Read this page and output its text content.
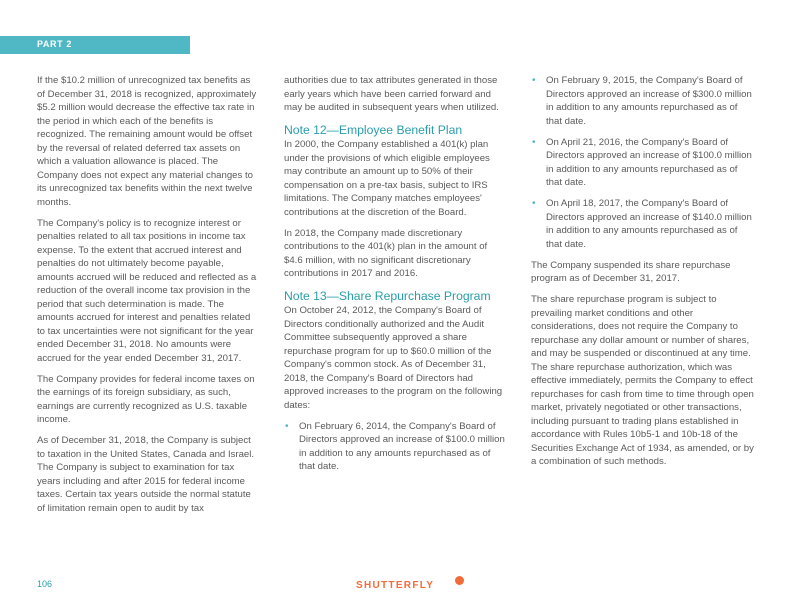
PART 2

If the $10.2 million of unrecognized tax benefits as of December 31, 2018 is recognized, approximately $5.2 million would decrease the effective tax rate in the period in which each of the benefits is recognized. The remaining amount would be offset by the reversal of related deferred tax assets on which a valuation allowance is placed. The Company does not expect any material changes to its unrecognized tax benefits within the next twelve months.

The Company's policy is to recognize interest or penalties related to all tax positions in income tax expense. To the extent that accrued interest and penalties do not ultimately become payable, amounts accrued will be reduced and reflected as a reduction of the overall income tax provision in the period that such determination is made. The amounts accrued for interest and penalties related to tax uncertainties were not significant for the year ended December 31, 2018. No amounts were accrued for the year ended December 31, 2017.

The Company provides for federal income taxes on the earnings of its foreign subsidiary, as such, earnings are currently recognized as U.S. taxable income.

As of December 31, 2018, the Company is subject to taxation in the United States, Canada and Israel. The Company is subject to examination for tax years including and after 2015 for federal income taxes. Certain tax years outside the normal statute of limitation remain open to audit by tax

authorities due to tax attributes generated in those early years which have been carried forward and may be audited in subsequent years when utilized.

Note 12—Employee Benefit Plan

In 2000, the Company established a 401(k) plan under the provisions of which eligible employees may contribute an amount up to 50% of their compensation on a pre-tax basis, subject to IRS limitations. The Company matches employees' contributions at the discretion of the Board.

In 2018, the Company made discretionary contributions to the 401(k) plan in the amount of $4.6 million, with no significant discretionary contributions in 2017 and 2016.

Note 13—Share Repurchase Program

On October 24, 2012, the Company's Board of Directors conditionally authorized and the Audit Committee subsequently approved a share repurchase program for up to $60.0 million of the Company's common stock. As of December 31, 2018, the Company's Board of Directors had approved increases to the program on the following dates:

• On February 6, 2014, the Company's Board of Directors approved an increase of $100.0 million in addition to any amounts repurchased as of that date.
• On February 9, 2015, the Company's Board of Directors approved an increase of $300.0 million in addition to any amounts repurchased as of that date.
• On April 21, 2016, the Company's Board of Directors approved an increase of $100.0 million in addition to any amounts repurchased as of that date.
• On April 18, 2017, the Company's Board of Directors approved an increase of $140.0 million in addition to any amounts repurchased as of that date.

The Company suspended its share repurchase program as of December 31, 2017.

The share repurchase program is subject to prevailing market conditions and other considerations, does not require the Company to repurchase any dollar amount or number of shares, and may be suspended or discontinued at any time. The share repurchase authorization, which was effective immediately, permits the Company to effect repurchases for cash from time to time through open market, privately negotiated or other transactions, including pursuant to trading plans established in accordance with Rules 10b5-1 and 10b-18 of the Securities Exchange Act of 1934, as amended, or by a combination of such methods.

106	SHUTTERFLY
